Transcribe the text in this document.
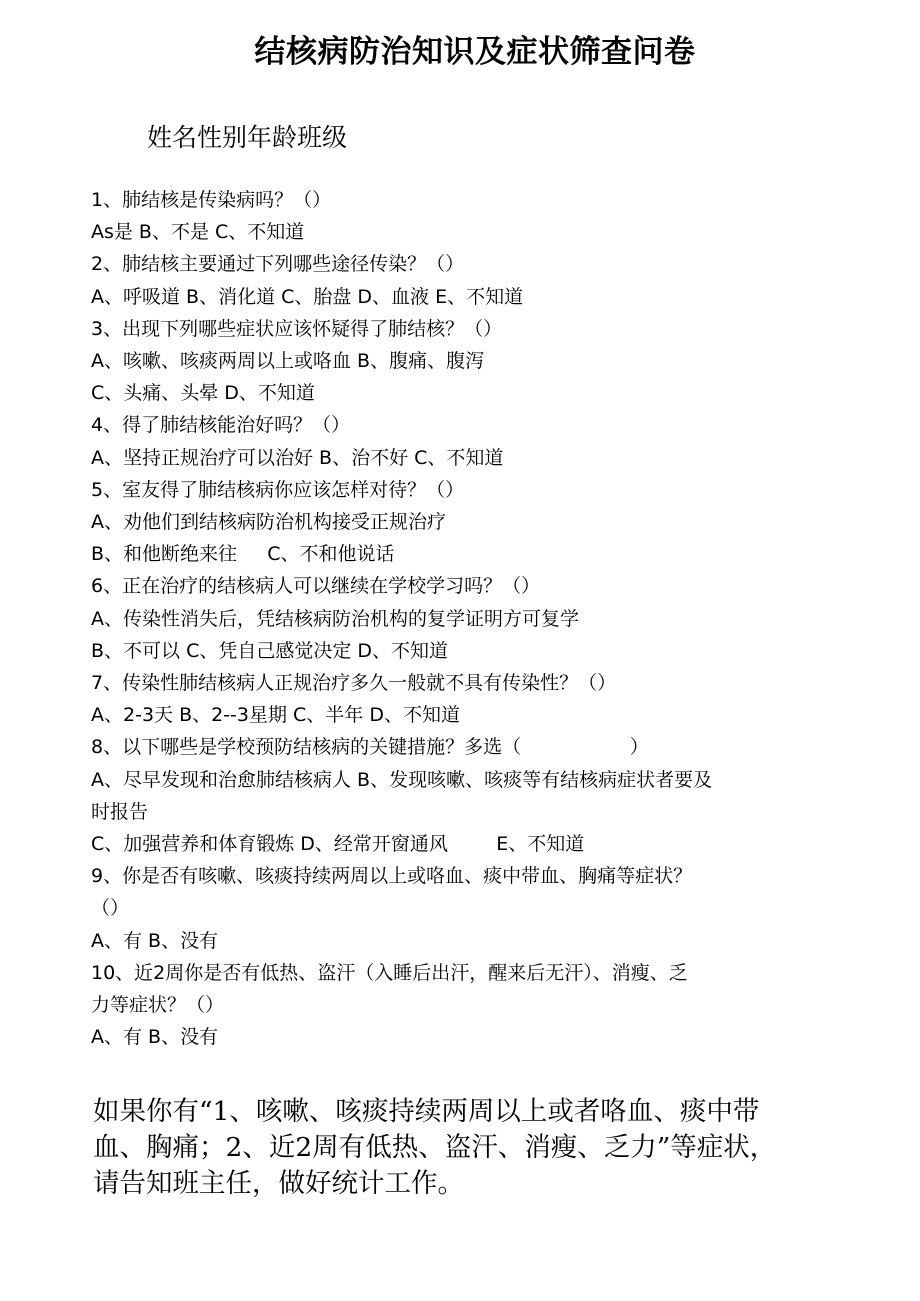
结核病防治知识及症状筛查问卷
姓名性别年龄班级

1、肺结核是传染病吗？（）

As是 B、不是 C、不知道

2、肺结核主要通过下列哪些途径传染？（）

A、呼吸道 B、消化道 C、胎盘 D、血液 E、不知道

3、出现下列哪些症状应该怀疑得了肺结核？（）

A、咳嗽、咳痰两周以上或咯血 B、腹痛、腹泻

C、头痛、头晕 D、不知道

4、得了肺结核能治好吗？（）

A、坚持正规治疗可以治好 B、治不好 C、不知道

5、室友得了肺结核病你应该怎样对待？（）

A、劝他们到结核病防治机构接受正规治疗

B、和他断绝来往     C、不和他说话

6、正在治疗的结核病人可以继续在学校学习吗？（）

A、传染性消失后，凭结核病防治机构的复学证明方可复学

B、不可以 C、凭自己感觉决定 D、不知道

7、传染性肺结核病人正规治疗多久一般就不具有传染性？（）

A、2-3天 B、2--3星期 C、半年 D、不知道

8、以下哪些是学校预防结核病的关键措施？多选（                  ）

A、尽早发现和治愈肺结核病人 B、发现咳嗽、咳痰等有结核病症状者要及

时报告

C、加强营养和体育锻炼 D、经常开窗通风        E、不知道

9、你是否有咳嗽、咳痰持续两周以上或咯血、痰中带血、胸痛等症状？

（）

A、有 B、没有

10、近2周你是否有低热、盗汗（入睡后出汗，醒来后无汗）、消瘦、乏

力等症状？（）

A、有 B、没有

如果你有“1、咳嗽、咳痰持续两周以上或者咯血、痰中带血、胸痛；2、近2周有低热、盗汗、消瘦、乏力”等症状，请告知班主任，做好统计工作。
